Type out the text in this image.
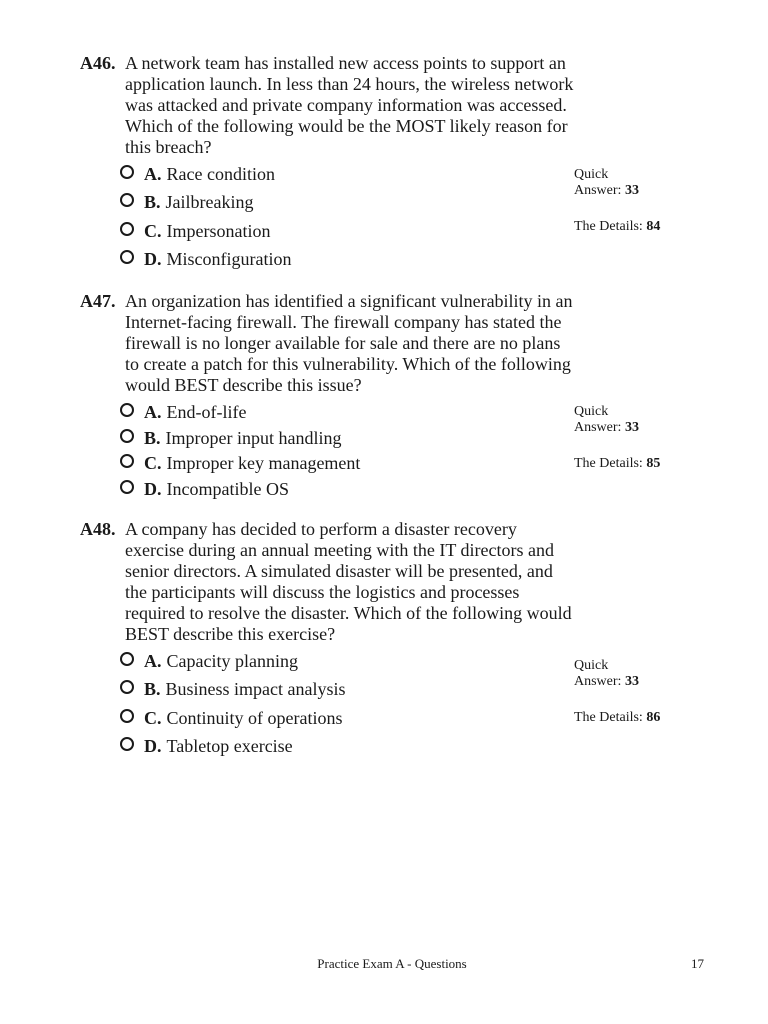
A46. A network team has installed new access points to support an application launch. In less than 24 hours, the wireless network was attacked and private company information was accessed. Which of the following would be the MOST likely reason for this breach?
A. Race condition
B. Jailbreaking
C. Impersonation
D. Misconfiguration
Quick
Answer: 33
The Details: 84
A47. An organization has identified a significant vulnerability in an Internet-facing firewall. The firewall company has stated the firewall is no longer available for sale and there are no plans to create a patch for this vulnerability. Which of the following would BEST describe this issue?
A. End-of-life
B. Improper input handling
C. Improper key management
D. Incompatible OS
Quick
Answer: 33
The Details: 85
A48. A company has decided to perform a disaster recovery exercise during an annual meeting with the IT directors and senior directors. A simulated disaster will be presented, and the participants will discuss the logistics and processes required to resolve the disaster. Which of the following would BEST describe this exercise?
A. Capacity planning
B. Business impact analysis
C. Continuity of operations
D. Tabletop exercise
Quick
Answer: 33
The Details: 86
Practice Exam A - Questions	17
